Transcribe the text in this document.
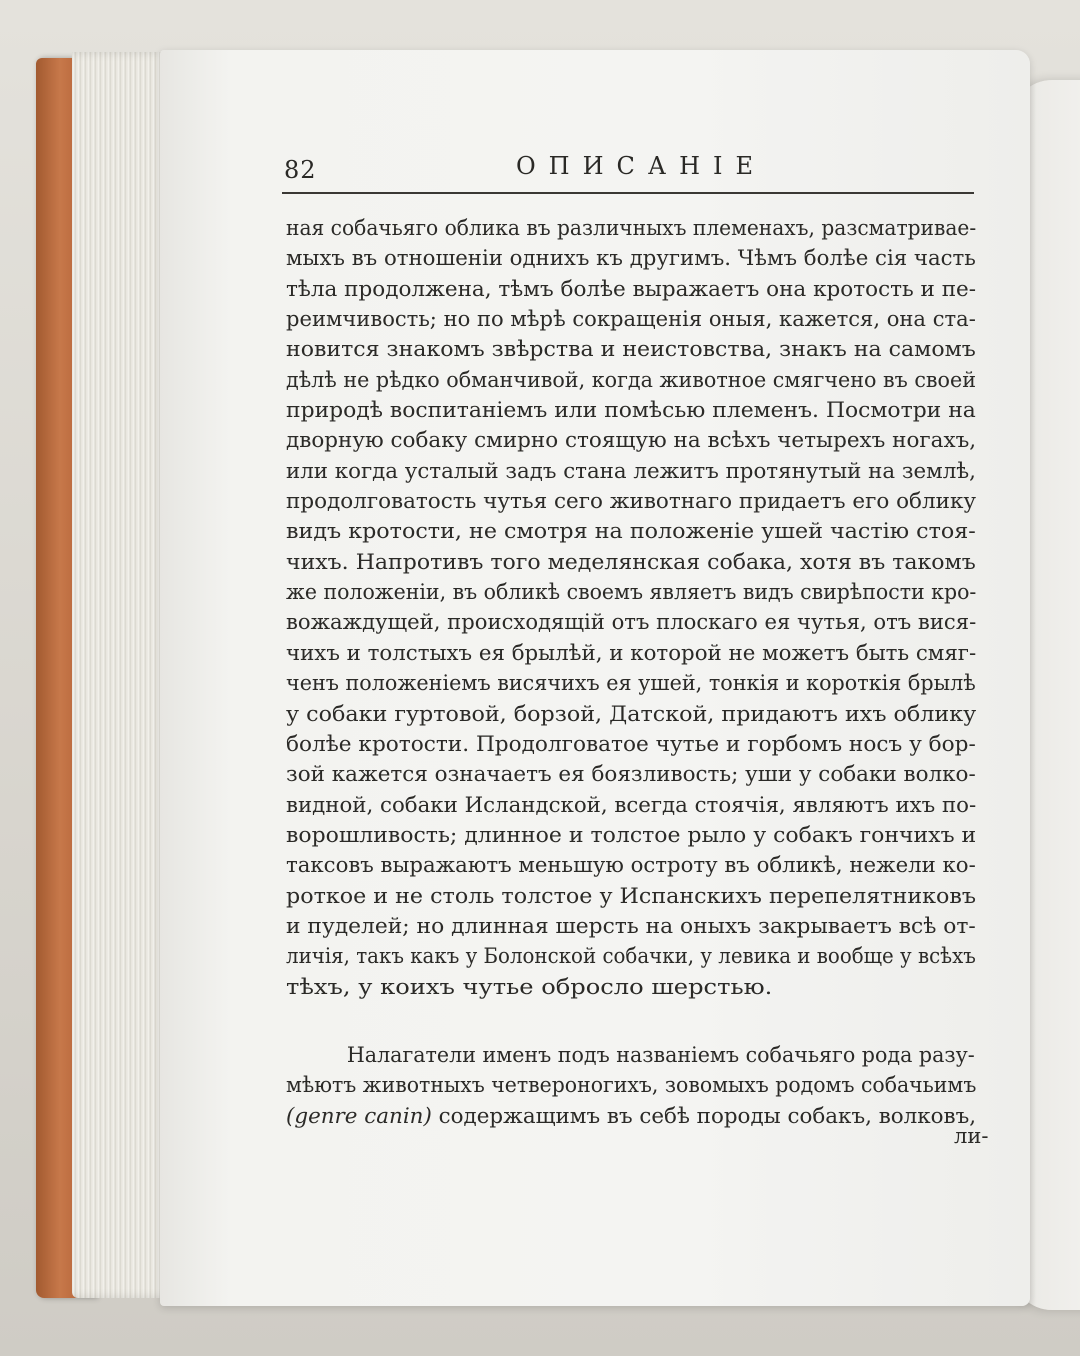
82	ОПИСАНІЕ
ная собачьяго облика въ различныхъ племенахъ, разсматривае-
мыхъ въ отношеніи однихъ къ другимъ. Чѣмъ болѣе сія часть
тѣла продолжена, тѣмъ болѣе выражаетъ она кротость и пе-
реимчивость; но по мѣрѣ сокращенія оныя, кажется, она ста-
новится знакомъ звѣрства и неистовства, знакъ на самомъ
дѣлѣ не рѣдко обманчивой, когда животное смягчено въ своей
природѣ воспитаніемъ или помѣсью племенъ. Посмотри на
дворную собаку смирно стоящую на всѣхъ четырехъ ногахъ,
или когда усталый задъ стана лежитъ протянутый на землѣ,
продолговатость чутья сего животнаго придаетъ его облику
видъ кротости, не смотря на положеніе ушей частію стоя-
чихъ. Напротивъ того меделянская собака, хотя въ такомъ
же положеніи, въ обликѣ своемъ являетъ видъ свирѣпости кро-
вожаждущей, происходящій отъ плоскаго ея чутья, отъ вися-
чихъ и толстыхъ ея брылѣй, и которой не можетъ быть смяг-
ченъ положеніемъ висячихъ ея ушей, тонкія и короткія брылѣ
у собаки гуртовой, борзой, Датской, придаютъ ихъ облику
болѣе кротости. Продолговатое чутье и горбомъ носъ у бор-
зой кажется означаетъ ея боязливость; уши у собаки волко-
видной, собаки Исландской, всегда стоячія, являютъ ихъ по-
ворошливость; длинное и толстое рыло у собакъ гончихъ и
таксовъ выражаютъ меньшую остроту въ обликѣ, нежели ко-
роткое и не столь толстое у Испанскихъ перепелятниковъ
и пуделей; но длинная шерсть на оныхъ закрываетъ всѣ от-
личія, такъ какъ у Болонской собачки, у левика и вообще у всѣхъ
тѣхъ, у коихъ чутье обросло шерстью.
Налагатели именъ подъ названіемъ собачьяго рода разу-
мѣютъ животныхъ четвероногихъ, зовомыхъ родомъ собачьимъ
(genre canin) содержащимъ въ себѣ породы собакъ, волковъ,
ли-
